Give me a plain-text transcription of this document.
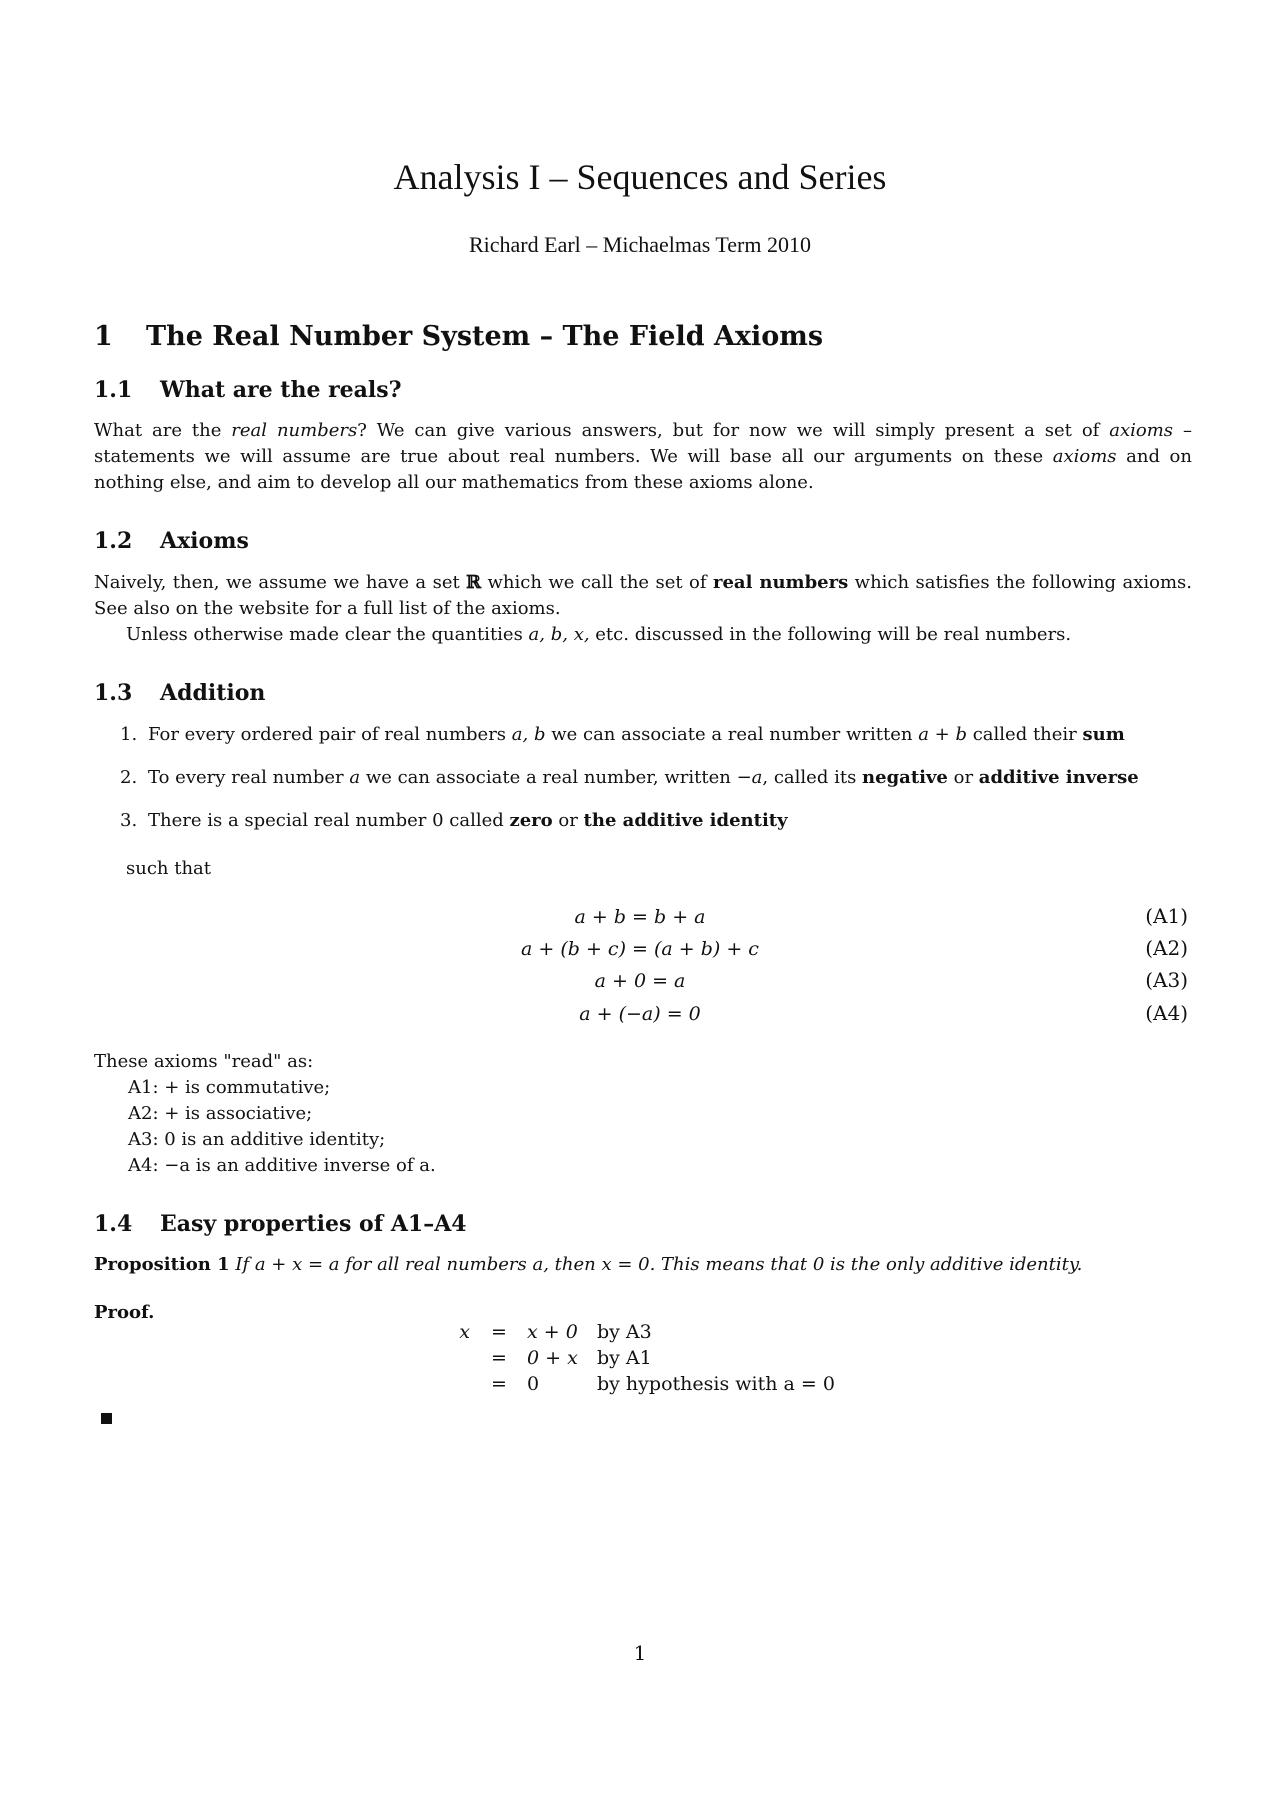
Analysis I – Sequences and Series
Richard Earl – Michaelmas Term 2010
1 The Real Number System – The Field Axioms
1.1 What are the reals?
What are the real numbers? We can give various answers, but for now we will simply present a set of axioms –
statements we will assume are true about real numbers. We will base all our arguments on these axioms and on
nothing else, and aim to develop all our mathematics from these axioms alone.
1.2 Axioms
Naively, then, we assume we have a set ℝ which we call the set of real numbers which satisfies the following axioms.
See also on the website for a full list of the axioms.
Unless otherwise made clear the quantities a, b, x, etc. discussed in the following will be real numbers.
1.3 Addition
1. For every ordered pair of real numbers a, b we can associate a real number written a + b called their sum
2. To every real number a we can associate a real number, written −a, called its negative or additive inverse
3. There is a special real number 0 called zero or the additive identity
such that
a + b = b + a	(A1)
a + (b + c) = (a + b) + c	(A2)
a + 0 = a	(A3)
a + (−a) = 0	(A4)
These axioms "read" as:
A1: + is commutative;
A2: + is associative;
A3: 0 is an additive identity;
A4: −a is an additive inverse of a.
1.4 Easy properties of A1–A4
Proposition 1 If a + x = a for all real numbers a, then x = 0. This means that 0 is the only additive identity.
Proof.
x = x + 0 by A3
= 0 + x by A1
= 0	by hypothesis with a = 0
1
